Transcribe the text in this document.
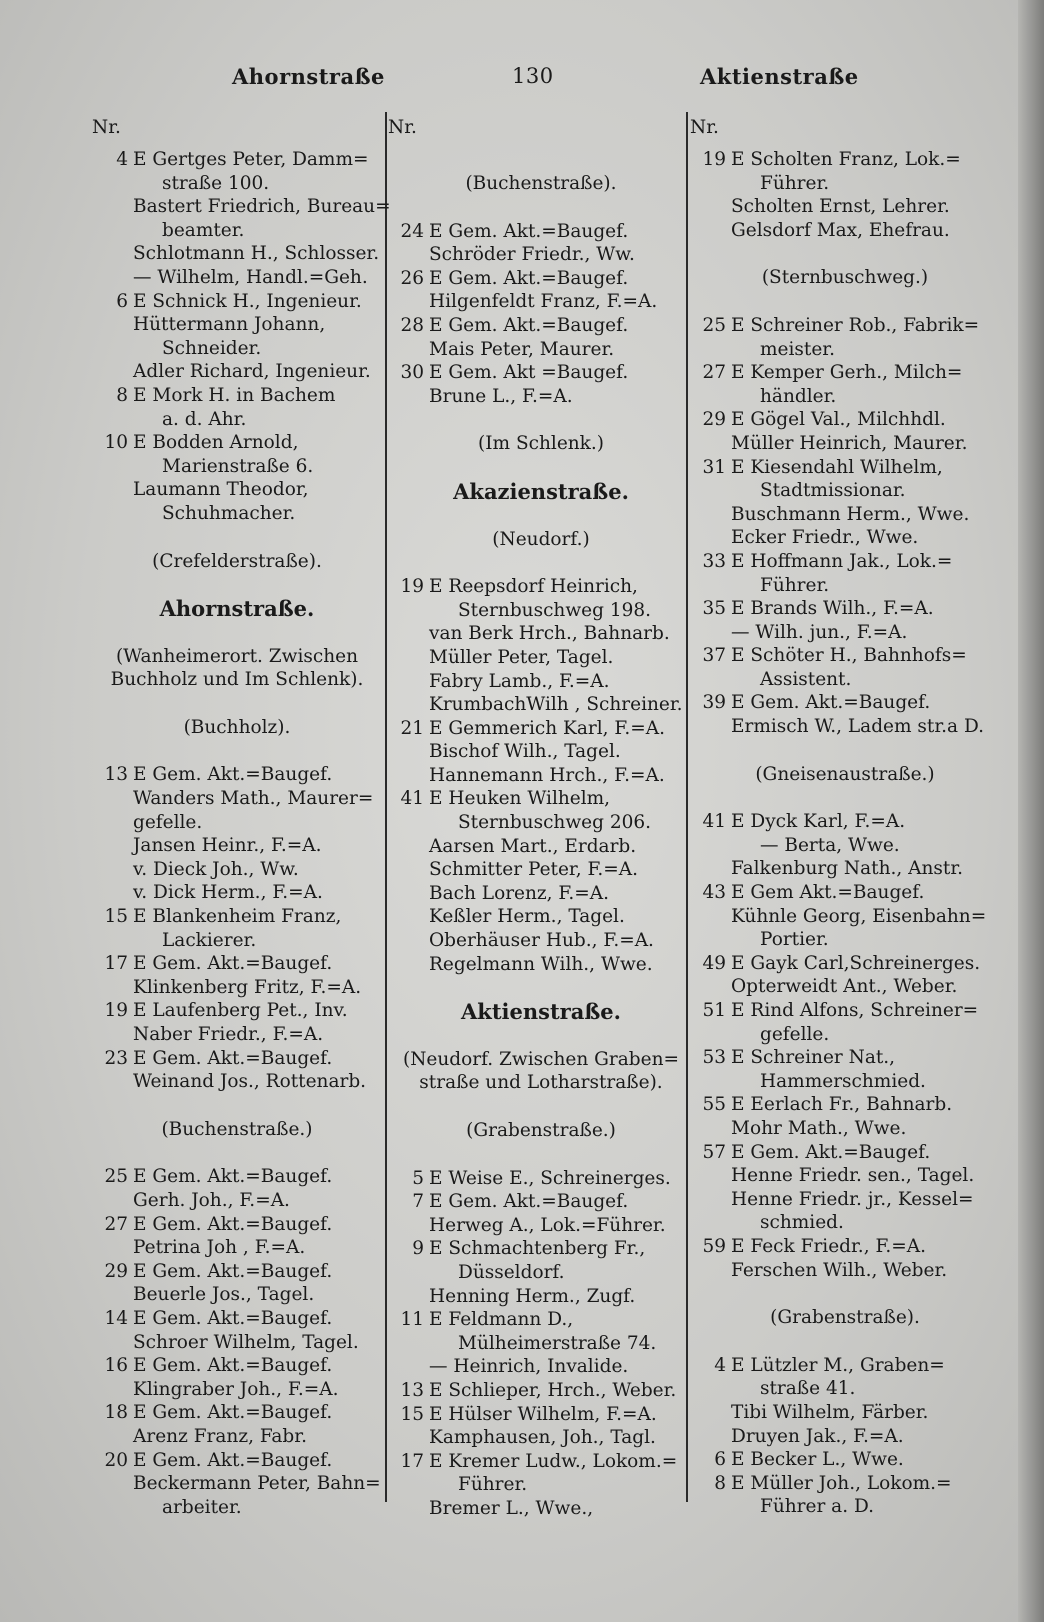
Ahornstraße	130	Aktienstraße
Nr.
4 E Gertges Peter, Damm=
straße 100.
Bastert Friedrich, Bureau=
beamter.
Schlotmann H., Schlosser.
— Wilhelm, Handl.=Geh.
6 E Schnick H., Ingenieur.
Hüttermann Johann,
Schneider.
Adler Richard, Ingenieur.
8 E Mork H. in Bachem
a. d. Ahr.
10 E Bodden Arnold,
Marienstraße 6.
Laumann Theodor,
Schuhmacher.
(Crefelderstraße).
Ahornstraße.
(Wanheimerort. Zwischen
Buchholz und Im Schlenk).
(Buchholz).
13 E Gem. Akt.=Baugef.
Wanders Math., Maurer=
gefelle.
Jansen Heinr., F.=A.
v. Dieck Joh., Ww.
v. Dick Herm., F.=A.
15 E Blankenheim Franz,
Lackierer.
17 E Gem. Akt.=Baugef.
Klinkenberg Fritz, F.=A.
19 E Laufenberg Pet., Inv.
Naber Friedr., F.=A.
23 E Gem. Akt.=Baugef.
Weinand Jos., Rottenarb.
(Buchenstraße.)
25 E Gem. Akt.=Baugef.
Gerh. Joh., F.=A.
27 E Gem. Akt.=Baugef.
Petrina Joh , F.=A.
29 E Gem. Akt.=Baugef.
Beuerle Jos., Tagel.
14 E Gem. Akt.=Baugef.
Schroer Wilhelm, Tagel.
16 E Gem. Akt.=Baugef.
Klingraber Joh., F.=A.
18 E Gem. Akt.=Baugef.
Arenz Franz, Fabr.
20 E Gem. Akt.=Baugef.
Beckermann Peter, Bahn=
arbeiter.
Nr.
(Buchenstraße).
24 E Gem. Akt.=Baugef.
Schröder Friedr., Ww.
26 E Gem. Akt.=Baugef.
Hilgenfeldt Franz, F.=A.
28 E Gem. Akt.=Baugef.
Mais Peter, Maurer.
30 E Gem. Akt =Baugef.
Brune L., F.=A.
(Im Schlenk.)
Akazienstraße.
(Neudorf.)
19 E Reepsdorf Heinrich,
Sternbuschweg 198.
van Berk Hrch., Bahnarb.
Müller Peter, Tagel.
Fabry Lamb., F.=A.
KrumbachWilh , Schreiner.
21 E Gemmerich Karl, F.=A.
Bischof Wilh., Tagel.
Hannemann Hrch., F.=A.
41 E Heuken Wilhelm,
Sternbuschweg 206.
Aarsen Mart., Erdarb.
Schmitter Peter, F.=A.
Bach Lorenz, F.=A.
Keßler Herm., Tagel.
Oberhäuser Hub., F.=A.
Regelmann Wilh., Wwe.
Aktienstraße.
(Neudorf. Zwischen Graben=
straße und Lotharstraße).
(Grabenstraße.)
5 E Weise E., Schreinerges.
7 E Gem. Akt.=Baugef.
Herweg A., Lok.=Führer.
9 E Schmachtenberg Fr.,
Düsseldorf.
Henning Herm., Zugf.
11 E Feldmann D.,
Mülheimerstraße 74.
— Heinrich, Invalide.
13 E Schlieper, Hrch., Weber.
15 E Hülser Wilhelm, F.=A.
Kamphausen, Joh., Tagl.
17 E Kremer Ludw., Lokom.=
Führer.
Bremer L., Wwe.,
Nr.
19 E Scholten Franz, Lok.=
Führer.
Scholten Ernst, Lehrer.
Gelsdorf Max, Ehefrau.
(Sternbuschweg.)
25 E Schreiner Rob., Fabrik=
meister.
27 E Kemper Gerh., Milch=
händler.
29 E Gögel Val., Milchhdl.
Müller Heinrich, Maurer.
31 E Kiesendahl Wilhelm,
Stadtmissionar.
Buschmann Herm., Wwe.
Ecker Friedr., Wwe.
33 E Hoffmann Jak., Lok.=
Führer.
35 E Brands Wilh., F.=A.
— Wilh. jun., F.=A.
37 E Schöter H., Bahnhofs=
Assistent.
39 E Gem. Akt.=Baugef.
Ermisch W., Ladem str.a D.
(Gneisenaustraße.)
41 E Dyck Karl, F.=A.
— Berta, Wwe.
Falkenburg Nath., Anstr.
43 E Gem Akt.=Baugef.
Kühnle Georg, Eisenbahn=
Portier.
49 E Gayk Carl,Schreinerges.
Opterweidt Ant., Weber.
51 E Rind Alfons, Schreiner=
gefelle.
53 E Schreiner Nat.,
Hammerschmied.
55 E Eerlach Fr., Bahnarb.
Mohr Math., Wwe.
57 E Gem. Akt.=Baugef.
Henne Friedr. sen., Tagel.
Henne Friedr. jr., Kessel=
schmied.
59 E Feck Friedr., F.=A.
Ferschen Wilh., Weber.
(Grabenstraße).
4 E Lützler M., Graben=
straße 41.
Tibi Wilhelm, Färber.
Druyen Jak., F.=A.
6 E Becker L., Wwe.
8 E Müller Joh., Lokom.=
Führer a. D.
